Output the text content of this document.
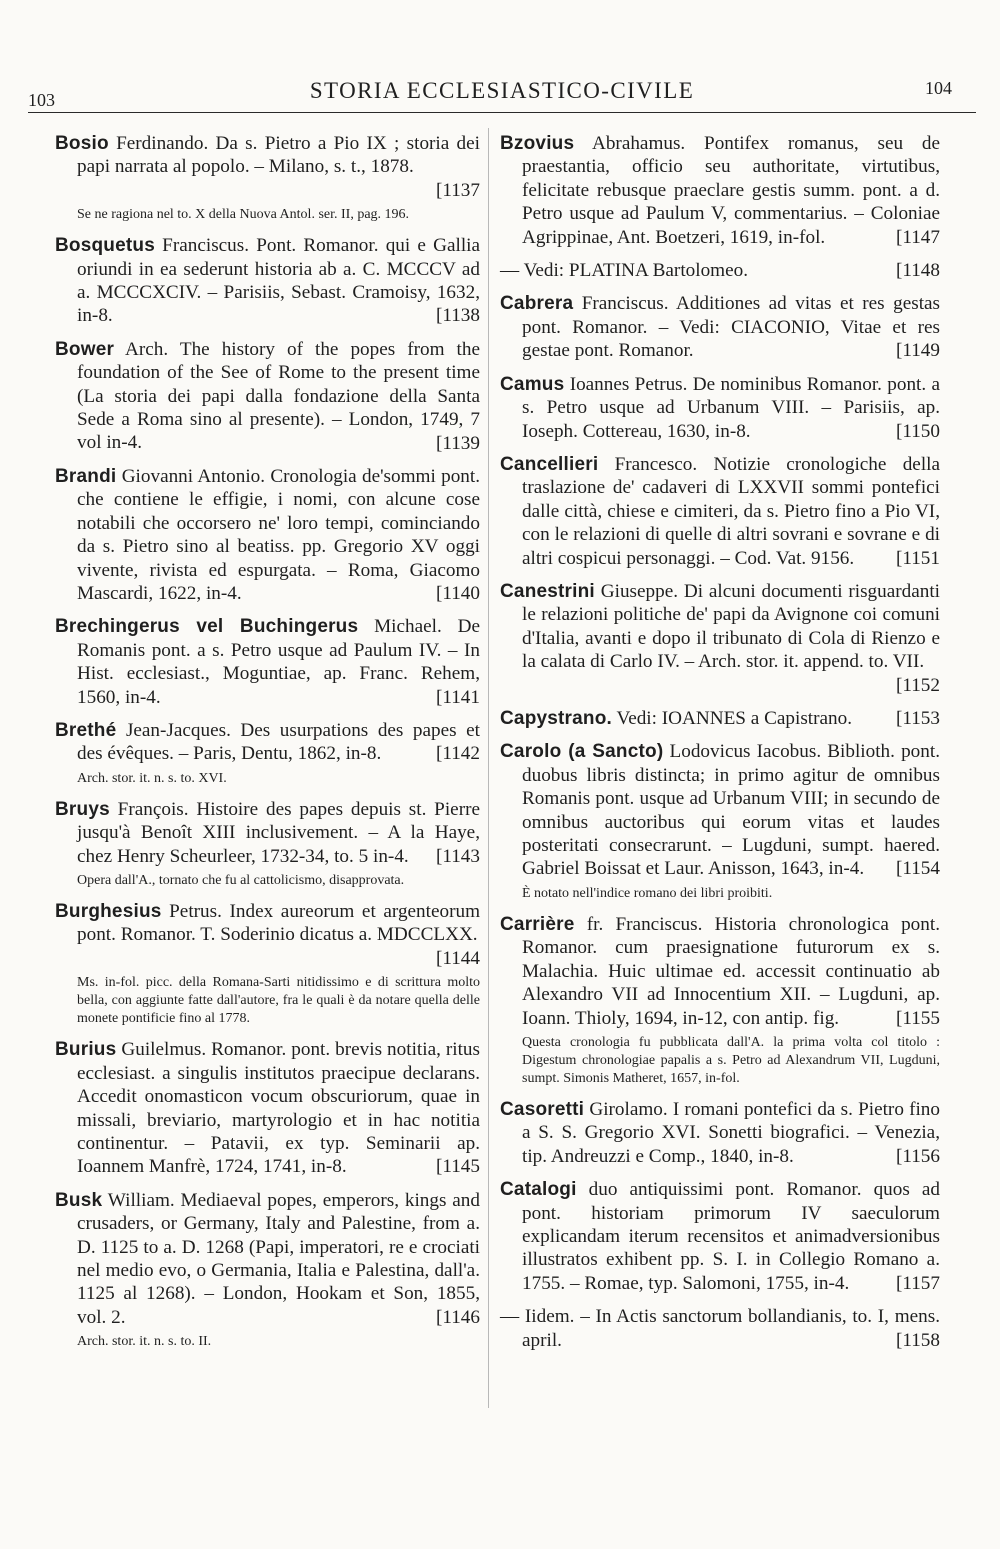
103	STORIA ECCLESIASTICO-CIVILE	104
Bosio Ferdinando. Da s. Pietro a Pio IX ; storia dei papi narrata al popolo. – Milano, s. t., 1878.
[1137
Se ne ragiona nel to. X della Nuova Antol. ser. II, pag. 196.
Bosquetus Franciscus. Pont. Romanor. qui e Gallia oriundi in ea sederunt historia ab a. C. MCCCV ad a. MCCCXCIV. – Parisiis, Sebast. Cramoisy, 1632, in-8.	[1138
Bower Arch. The history of the popes from the foundation of the See of Rome to the present time (La storia dei papi dalla fondazione della Santa Sede a Roma sino al presente). – London, 1749, 7 vol in-4.	[1139
Brandi Giovanni Antonio. Cronologia de'sommi pont. che contiene le effigie, i nomi, con alcune cose notabili che occorsero ne' loro tempi, cominciando da s. Pietro sino al beatiss. pp. Gregorio XV oggi vivente, rivista ed espurgata. – Roma, Giacomo Mascardi, 1622, in-4.	[1140
Brechingerus vel Buchingerus Michael. De Romanis pont. a s. Petro usque ad Paulum IV. – In Hist. ecclesiast., Moguntiae, ap. Franc. Rehem, 1560, in-4.	[1141
Brethé Jean-Jacques. Des usurpations des papes et des évêques. – Paris, Dentu, 1862, in-8.	[1142
Arch. stor. it. n. s. to. XVI.
Bruys François. Histoire des papes depuis st. Pierre jusqu'à Benoît XIII inclusivement. – A la Haye, chez Henry Scheurleer, 1732-34, to. 5 in-4.	[1143
Opera dall'A., tornato che fu al cattolicismo, disapprovata.
Burghesius Petrus. Index aureorum et argenteorum pont. Romanor. T. Soderinio dicatus a. MDCCLXX.
[1144
Ms. in-fol. picc. della Romana-Sarti nitidissimo e di scrittura molto bella, con aggiunte fatte dall'autore, fra le quali è da notare quella delle monete pontificie fino al 1778.
Burius Guilelmus. Romanor. pont. brevis notitia, ritus ecclesiast. a singulis institutos praecipue declarans. Accedit onomasticon vocum obscuriorum, quae in missali, breviario, martyrologio et in hac notitia continentur. – Patavii, ex typ. Seminarii ap. Ioannem Manfrè, 1724, 1741, in-8.	[1145
Busk William. Mediaeval popes, emperors, kings and crusaders, or Germany, Italy and Palestine, from a. D. 1125 to a. D. 1268 (Papi, imperatori, re e crociati nel medio evo, o Germania, Italia e Palestina, dall'a. 1125 al 1268). – London, Hookam et Son, 1855, vol. 2.	[1146
Arch. stor. it. n. s. to. II.
Bzovius Abrahamus. Pontifex romanus, seu de praestantia, officio seu authoritate, virtutibus, felicitate rebusque praeclare gestis summ. pont. a d. Petro usque ad Paulum V, commentarius. – Coloniae Agrippinae, Ant. Boetzeri, 1619, in-fol.	[1147
— Vedi: PLATINA Bartolomeo.	[1148
Cabrera Franciscus. Additiones ad vitas et res gestas pont. Romanor. – Vedi: CIACONIO, Vitae et res gestae pont. Romanor.	[1149
Camus Ioannes Petrus. De nominibus Romanor. pont. a s. Petro usque ad Urbanum VIII. – Parisiis, ap. Ioseph. Cottereau, 1630, in-8.	[1150
Cancellieri Francesco. Notizie cronologiche della traslazione de' cadaveri di LXXVII sommi pontefici dalle città, chiese e cimiteri, da s. Pietro fino a Pio VI, con le relazioni di quelle di altri sovrani e sovrane e di altri cospicui personaggi. – Cod. Vat. 9156.	[1151
Canestrini Giuseppe. Di alcuni documenti risguardanti le relazioni politiche de' papi da Avignone coi comuni d'Italia, avanti e dopo il tribunato di Cola di Rienzo e la calata di Carlo IV. – Arch. stor. it. append. to. VII.
[1152
Capystrano. Vedi: IOANNES a Capistrano.	[1153
Carolo (a Sancto) Lodovicus Iacobus. Biblioth. pont. duobus libris distincta; in primo agitur de omnibus Romanis pont. usque ad Urbanum VIII; in secundo de omnibus auctoribus qui eorum vitas et laudes posteritati consecrarunt. – Lugduni, sumpt. haered. Gabriel Boissat et Laur. Anisson, 1643, in-4.	[1154
È notato nell'indice romano dei libri proibiti.
Carrière fr. Franciscus. Historia chronologica pont. Romanor. cum praesignatione futurorum ex s. Malachia. Huic ultimae ed. accessit continuatio ab Alexandro VII ad Innocentium XII. – Lugduni, ap. Ioann. Thioly, 1694, in-12, con antip. fig.	[1155
Questa cronologia fu pubblicata dall'A. la prima volta col titolo : Digestum chronologiae papalis a s. Petro ad Alexandrum VII, Lugduni, sumpt. Simonis Matheret, 1657, in-fol.
Casoretti Girolamo. I romani pontefici da s. Pietro fino a S. S. Gregorio XVI. Sonetti biografici. – Venezia, tip. Andreuzzi e Comp., 1840, in-8.	[1156
Catalogi duo antiquissimi pont. Romanor. quos ad pont. historiam primorum IV saeculorum explicandam iterum recensitos et animadversionibus illustratos exhibent pp. S. I. in Collegio Romano a. 1755. – Romae, typ. Salomoni, 1755, in-4.	[1157
— Iidem. – In Actis sanctorum bollandianis, to. I, mens. april.	[1158
